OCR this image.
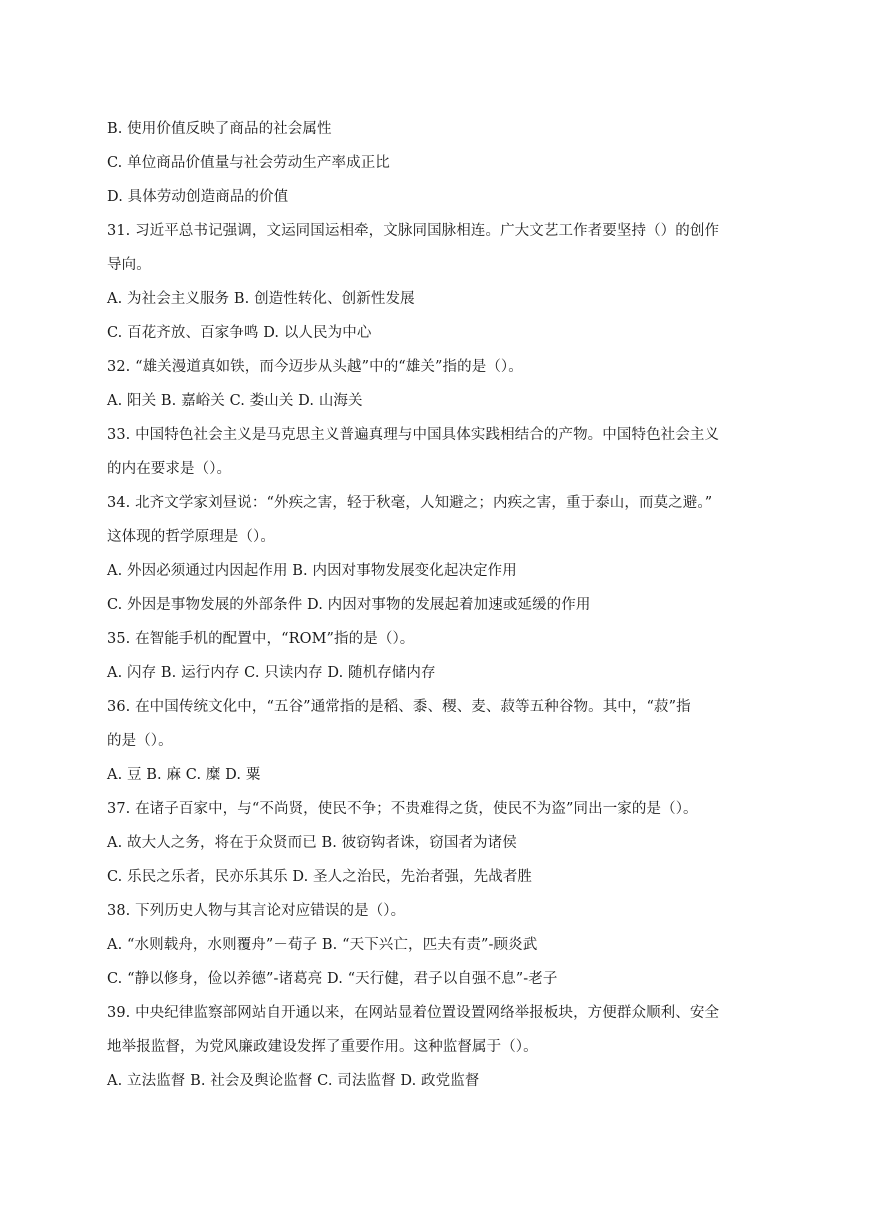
B. 使用价值反映了商品的社会属性
C. 单位商品价值量与社会劳动生产率成正比
D. 具体劳动创造商品的价值
31. 习近平总书记强调，文运同国运相牵，文脉同国脉相连。广大文艺工作者要坚持（）的创作
导向。
A. 为社会主义服务 B. 创造性转化、创新性发展
C. 百花齐放、百家争鸣 D. 以人民为中心
32. “雄关漫道真如铁，而今迈步从头越”中的“雄关”指的是（）。
A. 阳关 B. 嘉峪关 C. 娄山关 D. 山海关
33. 中国特色社会主义是马克思主义普遍真理与中国具体实践相结合的产物。中国特色社会主义
的内在要求是（）。
34. 北齐文学家刘昼说：“外疾之害，轻于秋毫，人知避之；内疾之害，重于泰山，而莫之避。”
这体现的哲学原理是（）。
A. 外因必须通过内因起作用 B. 内因对事物发展变化起决定作用
C. 外因是事物发展的外部条件 D. 内因对事物的发展起着加速或延缓的作用
35. 在智能手机的配置中，“ROM”指的是（）。
A. 闪存 B. 运行内存 C. 只读内存 D. 随机存储内存
36. 在中国传统文化中，“五谷”通常指的是稻、黍、稷、麦、菽等五种谷物。其中，“菽”指
的是（）。
A. 豆 B. 麻 C. 糜 D. 粟
37. 在诸子百家中，与“不尚贤，使民不争；不贵难得之货，使民不为盗”同出一家的是（）。
A. 故大人之务，将在于众贤而已 B. 彼窃钩者诛，窃国者为诸侯
C. 乐民之乐者，民亦乐其乐 D. 圣人之治民，先治者强，先战者胜
38. 下列历史人物与其言论对应错误的是（）。
A. “水则载舟，水则覆舟”－荀子 B. “天下兴亡，匹夫有责”-顾炎武
C. “静以修身，俭以养德”-诸葛亮 D. “天行健，君子以自强不息”-老子
39. 中央纪律监察部网站自开通以来，在网站显着位置设置网络举报板块，方便群众顺利、安全
地举报监督，为党风廉政建设发挥了重要作用。这种监督属于（）。
A. 立法监督 B. 社会及舆论监督 C. 司法监督 D. 政党监督
